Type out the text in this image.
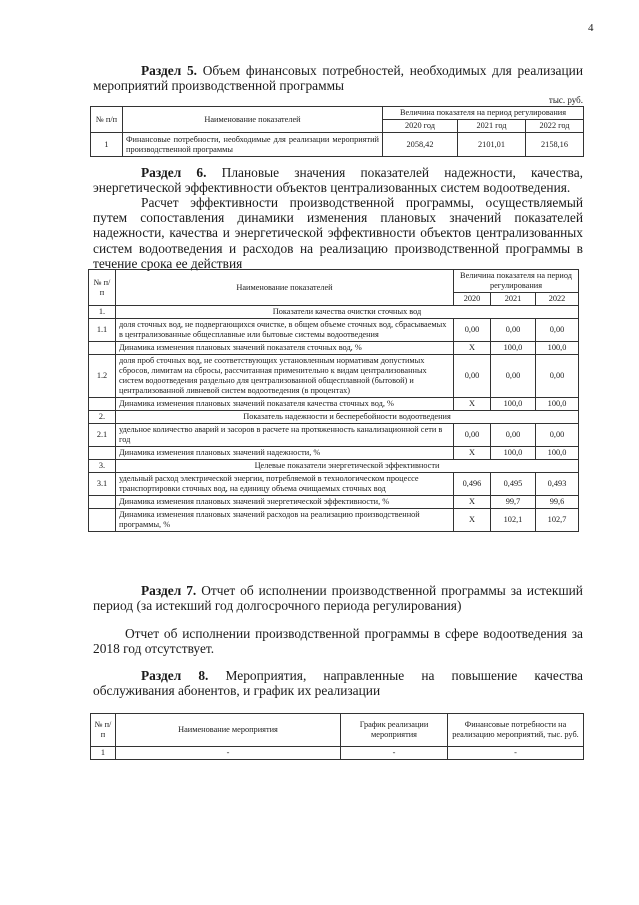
4
Раздел 5. Объем финансовых потребностей, необходимых для реализации мероприятий производственной программы
тыс. руб.
№ п/п	Наименование показателей	Величина показателя на период регулирования		
		2020 год	2021 год	2022 год
1	Финансовые потребности, необходимые для реализации мероприятий производственной программы	2058,42	2101,01	2158,16
Раздел 6. Плановые значения показателей надежности, качества, энергетической эффективности объектов централизованных систем водоотведения.
Расчет эффективности производственной программы, осуществляемый путем сопоставления динамики изменения плановых значений показателей надежности, качества и энергетической эффективности объектов централизованных систем водоотведения и расходов на реализацию производственной программы в течение срока ее действия
№ п/п	Наименование показателей	Величина показателя на период регулирования		
		2020	2021	2022
1.	Показатели качества очистки сточных вод			
1.1	доля сточных вод, не подвергающихся очистке, в общем объеме сточных вод, сбрасываемых в централизованные общесплавные или бытовые системы водоотведения	0,00	0,00	0,00
	Динамика изменения плановых значений показателя сточных вод, %	X	100,0	100,0
1.2	доля проб сточных вод, не соответствующих установленным нормативам допустимых сбросов, лимитам на сбросы, рассчитанная применительно к видам централизованных систем водоотведения раздельно для централизованной общесплавной (бытовой) и централизованной ливневой систем водоотведения (в процентах)	0,00	0,00	0,00
	Динамика изменения плановых значений показателя качества сточных вод, %	X	100,0	100,0
2.	Показатель надежности и бесперебойности водоотведения			
2.1	удельное количество аварий и засоров в расчете на протяженность канализационной сети в год	0,00	0,00	0,00
	Динамика изменения плановых значений надежности, %	X	100,0	100,0
3.	Целевые показатели энергетической эффективности			
3.1	удельный расход электрической энергии, потребляемой в технологическом процессе транспортировки сточных вод, на единицу объема очищаемых сточных вод	0,496	0,495	0,493
	Динамика изменения плановых значений энергетической эффективности, %	X	99,7	99,6
	Динамика изменения плановых значений расходов на реализацию производственной программы, %	X	102,1	102,7
Раздел 7. Отчет об исполнении производственной программы за истекший период (за истекший год долгосрочного периода регулирования)
Отчет об исполнении производственной программы в сфере водоотведения за 2018 год отсутствует.
Раздел 8. Мероприятия, направленные на повышение качества обслуживания абонентов, и график их реализации
№ п/п	Наименование мероприятия	График реализации мероприятия	Финансовые потребности на реализацию мероприятий, тыс. руб.
1	-	-	-
